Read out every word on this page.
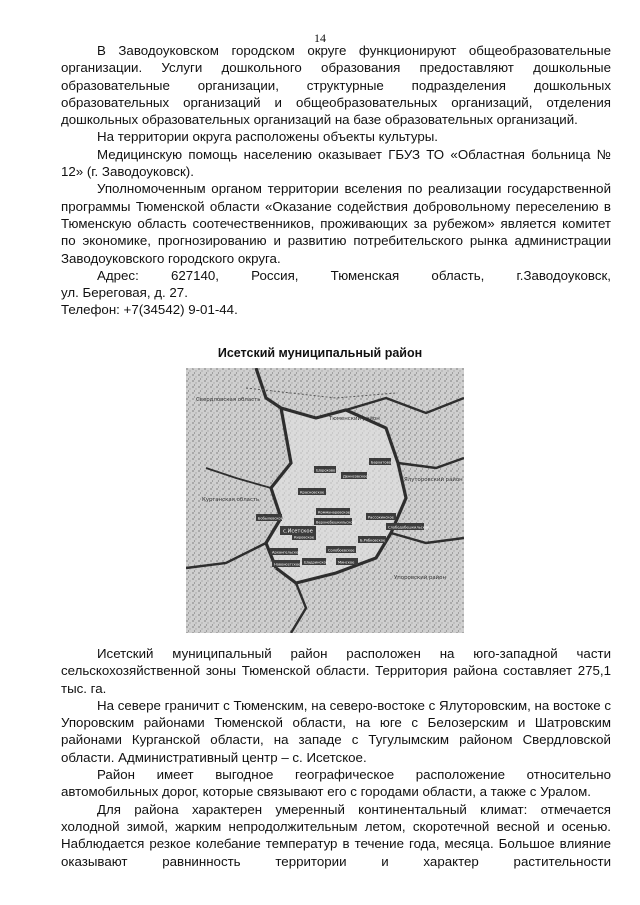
14

В Заводоуковском городском округе функционируют общеобразовательные организации. Услуги дошкольного образования предоставляют дошкольные образовательные организации, структурные подразделения дошкольных образовательных организаций и общеобразовательных организаций, отделения дошкольных образовательных организаций на базе образовательных организаций.

На территории округа расположены объекты культуры.

Медицинскую помощь населению оказывает ГБУЗ ТО «Областная больница № 12» (г. Заводоуковск).

Уполномоченным органом территории вселения по реализации государственной программы Тюменской области «Оказание содействия добровольному переселению в Тюменскую область соотечественников, проживающих за рубежом» является комитет по экономике, прогнозированию и развитию потребительского рынка администрации Заводоуковского городского округа.

Адрес: 627140, Россия, Тюменская область, г.Заводоуковск,

ул. Береговая, д. 27.

Телефон: +7(34542) 9-01-44.

Исетский муниципальный район
Свердловская область
Тюменский район
Ялуторовский район
Курганская область
Упоровский район
Шорохово
Денисовское
Бархатово
Красновское
Коммунаровское
Верхнебешкильское
Рассохинское
Слободобешкильское
Бобылевское
Кировское
Архангельское	Солобоевское
Шадринское	Минское
Б.Рябковское
Новоисетское
с.Исетское

Исетский муниципальный район расположен на юго-западной части сельскохозяйственной зоны Тюменской области. Территория района составляет 275,1 тыс. га.

На севере граничит с Тюменским, на северо-востоке с Ялуторовским, на востоке с Упоровским районами Тюменской области, на юге с Белозерским и Шатровским районами Курганской области, на западе с Тугулымским районом Свердловской области. Административный центр – с. Исетское.

Район имеет выгодное географическое расположение относительно автомобильных дорог, которые связывают его с городами области, а также с Уралом.

Для района характерен умеренный континентальный климат: отмечается холодной зимой, жарким непродолжительным летом, скоротечной весной и осенью. Наблюдается резкое колебание температур в течение года, месяца. Большое влияние оказывают равнинность территории и характер растительности
